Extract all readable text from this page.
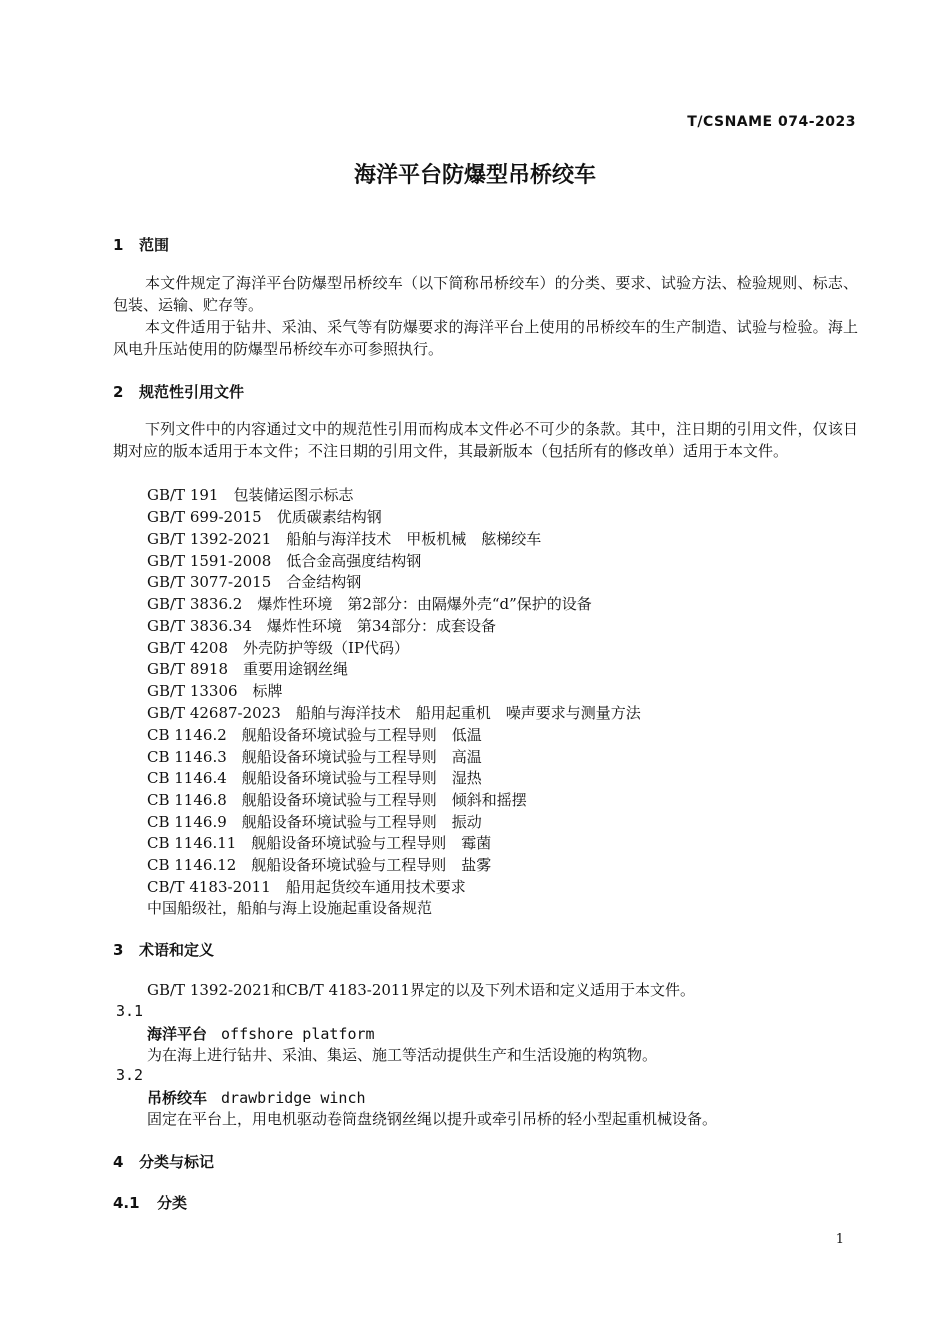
T/CSNAME 074-2023
海洋平台防爆型吊桥绞车
1 范围
本文件规定了海洋平台防爆型吊桥绞车（以下简称吊桥绞车）的分类、要求、试验方法、检验规则、标志、包装、运输、贮存等。
本文件适用于钻井、采油、采气等有防爆要求的海洋平台上使用的吊桥绞车的生产制造、试验与检验。海上风电升压站使用的防爆型吊桥绞车亦可参照执行。
2 规范性引用文件
下列文件中的内容通过文中的规范性引用而构成本文件必不可少的条款。其中，注日期的引用文件，仅该日期对应的版本适用于本文件；不注日期的引用文件，其最新版本（包括所有的修改单）适用于本文件。
GB/T 191　包装储运图示标志
GB/T 699-2015　优质碳素结构钢
GB/T 1392-2021　船舶与海洋技术　甲板机械　舷梯绞车
GB/T 1591-2008　低合金高强度结构钢
GB/T 3077-2015　合金结构钢
GB/T 3836.2　爆炸性环境　第2部分：由隔爆外壳“d”保护的设备
GB/T 3836.34　爆炸性环境　第34部分：成套设备
GB/T 4208　外壳防护等级（IP代码）
GB/T 8918　重要用途钢丝绳
GB/T 13306　标牌
GB/T 42687-2023　船舶与海洋技术　船用起重机　噪声要求与测量方法
CB 1146.2　舰船设备环境试验与工程导则　低温
CB 1146.3　舰船设备环境试验与工程导则　高温
CB 1146.4　舰船设备环境试验与工程导则　湿热
CB 1146.8　舰船设备环境试验与工程导则　倾斜和摇摆
CB 1146.9　舰船设备环境试验与工程导则　振动
CB 1146.11　舰船设备环境试验与工程导则　霉菌
CB 1146.12　舰船设备环境试验与工程导则　盐雾
CB/T 4183-2011　船用起货绞车通用技术要求
中国船级社，船舶与海上设施起重设备规范
3 术语和定义
GB/T 1392-2021和CB/T 4183-2011界定的以及下列术语和定义适用于本文件。
3.1
海洋平台 offshore platform
为在海上进行钻井、采油、集运、施工等活动提供生产和生活设施的构筑物。
3.2
吊桥绞车 drawbridge winch
固定在平台上，用电机驱动卷筒盘绕钢丝绳以提升或牵引吊桥的轻小型起重机械设备。
4 分类与标记
4.1 分类
1
